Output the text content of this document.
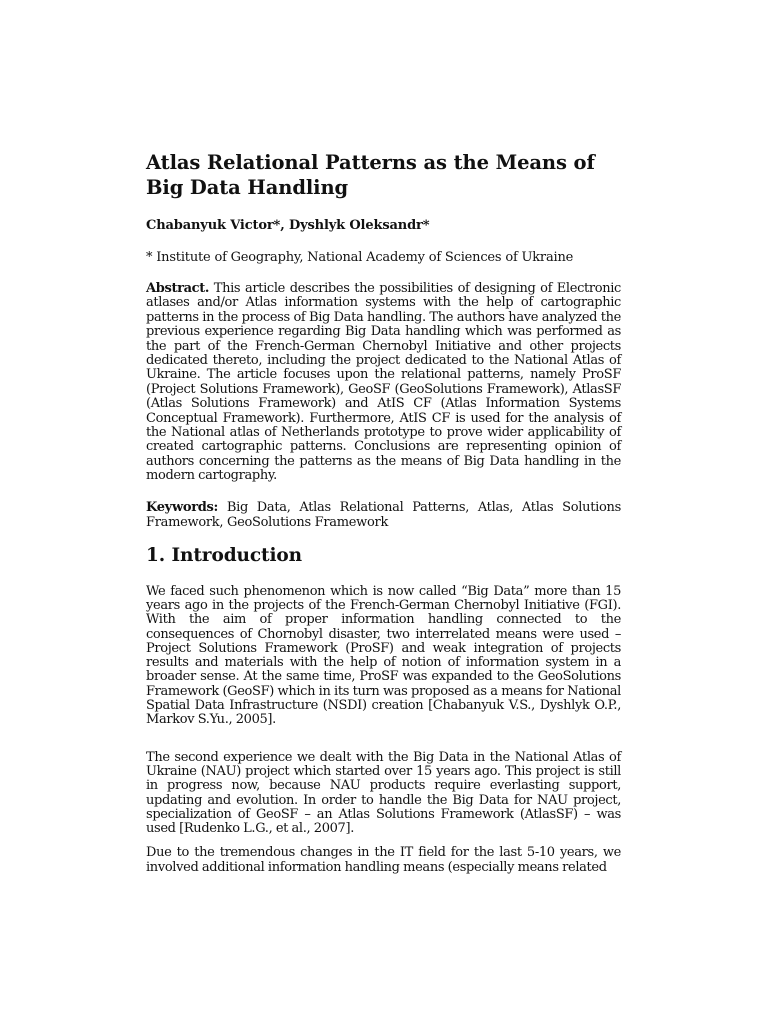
Atlas Relational Patterns as the Means of Big Data Handling
Chabanyuk Victor*, Dyshlyk Oleksandr*
* Institute of Geography, National Academy of Sciences of Ukraine

Abstract. This article describes the possibilities of designing of Electronic atlases and/or Atlas information systems with the help of cartographic patterns in the process of Big Data handling. The authors have analyzed the previous experience regarding Big Data handling which was performed as the part of the French-German Chernobyl Initiative and other projects dedicated thereto, including the project dedicated to the National Atlas of Ukraine. The article focuses upon the relational patterns, namely ProSF (Project Solutions Framework), GeoSF (GeoSolutions Framework), AtlasSF (Atlas Solutions Framework) and AtIS CF (Atlas Information Systems Conceptual Framework). Furthermore, AtIS CF is used for the analysis of the National atlas of Netherlands prototype to prove wider applicability of created cartographic patterns. Conclusions are representing opinion of authors concerning the patterns as the means of Big Data handling in the modern cartography.

Keywords: Big Data, Atlas Relational Patterns, Atlas, Atlas Solutions Framework, GeoSolutions Framework

1. Introduction

We faced such phenomenon which is now called “Big Data” more than 15 years ago in the projects of the French-German Chernobyl Initiative (FGI). With the aim of proper information handling connected to the consequences of Chornobyl disaster, two interrelated means were used – Project Solutions Framework (ProSF) and weak integration of projects results and materials with the help of notion of information system in a broader sense. At the same time, ProSF was expanded to the GeoSolutions Framework (GeoSF) which in its turn was proposed as a means for National Spatial Data Infrastructure (NSDI) creation [Chabanyuk V.S., Dyshlyk O.P., Markov S.Yu., 2005].

The second experience we dealt with the Big Data in the National Atlas of Ukraine (NAU) project which started over 15 years ago. This project is still in progress now, because NAU products require everlasting support, updating and evolution. In order to handle the Big Data for NAU project, specialization of GeoSF – an Atlas Solutions Framework (AtlasSF) – was used [Rudenko L.G., et al., 2007].

Due to the tremendous changes in the IT field for the last 5-10 years, we involved additional information handling means (especially means related
